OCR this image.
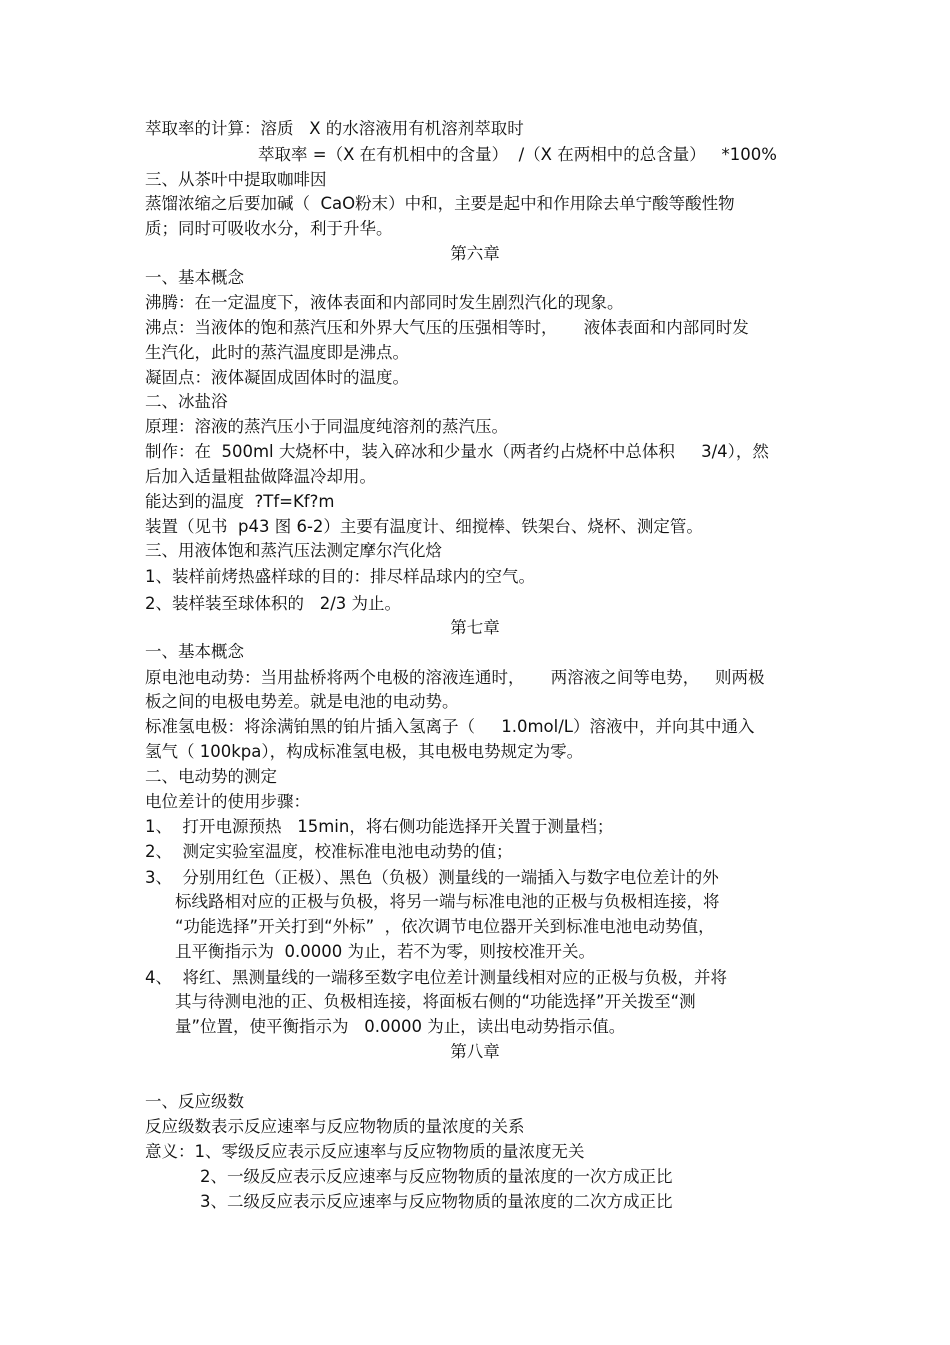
萃取率的计算：溶质   X 的水溶液用有机溶剂萃取时
萃取率 =（X 在有机相中的含量）  /（X 在两相中的总含量）   *100%
三、从茶叶中提取咖啡因
蒸馏浓缩之后要加碱（  CaO粉末）中和，主要是起中和作用除去单宁酸等酸性物
质；同时可吸收水分，利于升华。
第六章
一、基本概念
沸腾：在一定温度下，液体表面和内部同时发生剧烈汽化的现象。
沸点：当液体的饱和蒸汽压和外界大气压的压强相等时，     液体表面和内部同时发
生汽化，此时的蒸汽温度即是沸点。
凝固点：液体凝固成固体时的温度。
二、冰盐浴
原理：溶液的蒸汽压小于同温度纯溶剂的蒸汽压。
制作：在  500ml 大烧杯中，装入碎冰和少量水（两者约占烧杯中总体积     3/4），然
后加入适量粗盐做降温冷却用。
能达到的温度  ?Tf=Kf?m
装置（见书  p43 图 6-2）主要有温度计、细搅棒、铁架台、烧杯、测定管。
三、用液体饱和蒸汽压法测定摩尔汽化焓
1、装样前烤热盛样球的目的：排尽样品球内的空气。
2、装样装至球体积的   2/3 为止。
第七章
一、基本概念
原电池电动势：当用盐桥将两个电极的溶液连通时，     两溶液之间等电势，   则两极
板之间的电极电势差。就是电池的电动势。
标准氢电极：将涂满铂黑的铂片插入氢离子（     1.0mol/L）溶液中，并向其中通入
氢气（ 100kpa），构成标准氢电极，其电极电势规定为零。
二、电动势的测定
电位差计的使用步骤：
1、  打开电源预热   15min，将右侧功能选择开关置于测量档；
2、  测定实验室温度，校准标准电池电动势的值；
3、  分别用红色（正极）、黑色（负极）测量线的一端插入与数字电位差计的外
标线路相对应的正极与负极，将另一端与标准电池的正极与负极相连接，将
“功能选择”开关打到“外标”  ，依次调节电位器开关到标准电池电动势值，
且平衡指示为  0.0000 为止，若不为零，则按校准开关。
4、  将红、黑测量线的一端移至数字电位差计测量线相对应的正极与负极，并将
其与待测电池的正、负极相连接，将面板右侧的“功能选择”开关拨至“测
量”位置，使平衡指示为   0.0000 为止，读出电动势指示值。
第八章
一、反应级数
反应级数表示反应速率与反应物物质的量浓度的关系
意义：1、零级反应表示反应速率与反应物物质的量浓度无关
2、一级反应表示反应速率与反应物物质的量浓度的一次方成正比
3、二级反应表示反应速率与反应物物质的量浓度的二次方成正比
